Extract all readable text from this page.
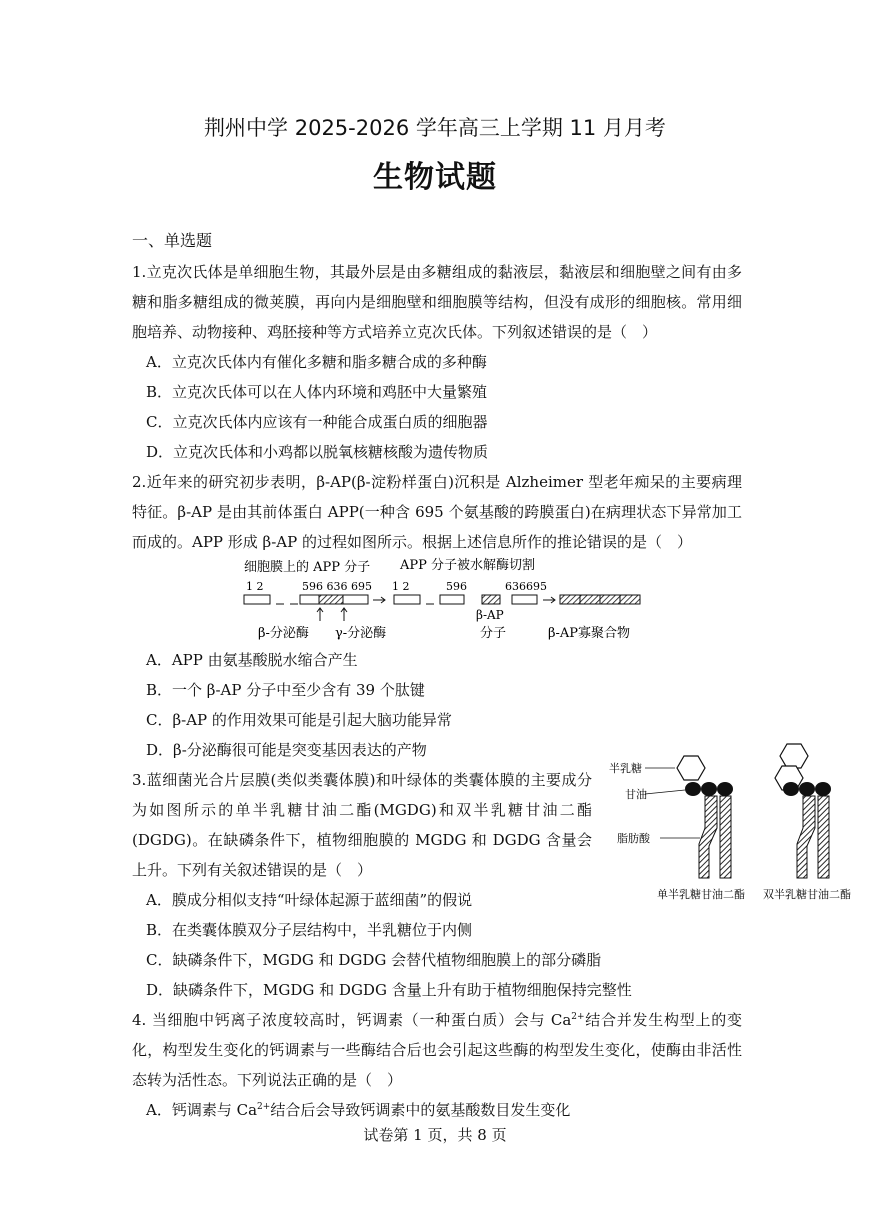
荆州中学 2025-2026 学年高三上学期 11 月月考
生物试题
一、单选题

1.立克次氏体是单细胞生物，其最外层是由多糖组成的黏液层，黏液层和细胞壁之间有由多糖和脂多糖组成的微荚膜，再向内是细胞壁和细胞膜等结构，但没有成形的细胞核。常用细胞培养、动物接种、鸡胚接种等方式培养立克次氏体。下列叙述错误的是（　）

A．立克次氏体内有催化多糖和脂多糖合成的多种酶

B．立克次氏体可以在人体内环境和鸡胚中大量繁殖

C．立克次氏体内应该有一种能合成蛋白质的细胞器

D．立克次氏体和小鸡都以脱氧核糖核酸为遗传物质

2.近年来的研究初步表明，β-AP(β-淀粉样蛋白)沉积是 Alzheimer 型老年痴呆的主要病理特征。β-AP 是由其前体蛋白 APP(一种含 695 个氨基酸的跨膜蛋白)在病理状态下异常加工而成的。APP 形成 β-AP 的过程如图所示。根据上述信息所作的推论错误的是（　）

细胞膜上的 APP 分子 APP 分子被水解酶切割
1 2	596 636 695 1 2	596	636695
β-分泌酶 γ-分泌酶
β-AP
分子	β-AP寡聚合物

A．APP 由氨基酸脱水缩合产生

B．一个 β-AP 分子中至少含有 39 个肽键

C．β-AP 的作用效果可能是引起大脑功能异常

D．β-分泌酶很可能是突变基因表达的产物

3.蓝细菌光合片层膜(类似类囊体膜)和叶绿体的类囊体膜的主要成分为如图所示的单半乳糖甘油二酯(MGDG)和双半乳糖甘油二酯(DGDG)。在缺磷条件下，植物细胞膜的 MGDG 和 DGDG 含量会上升。下列有关叙述错误的是（　）

A．膜成分相似支持“叶绿体起源于蓝细菌”的假说

B．在类囊体膜双分子层结构中，半乳糖位于内侧

C．缺磷条件下，MGDG 和 DGDG 会替代植物细胞膜上的部分磷脂

D．缺磷条件下，MGDG 和 DGDG 含量上升有助于植物细胞保持完整性

4. 当细胞中钙离子浓度较高时，钙调素（一种蛋白质）会与 $Ca^{2+}$结合并发生构型上的变化，构型发生变化的钙调素与一些酶结合后也会引起这些酶的构型发生变化，使酶由非活性态转为活性态。下列说法正确的是（　）

A．钙调素与 $Ca^{2+}$结合后会导致钙调素中的氨基酸数目发生变化

半乳糖
甘油
脂肪酸
单半乳糖甘油二酯 双半乳糖甘油二酯
试卷第 1 页，共 8 页
